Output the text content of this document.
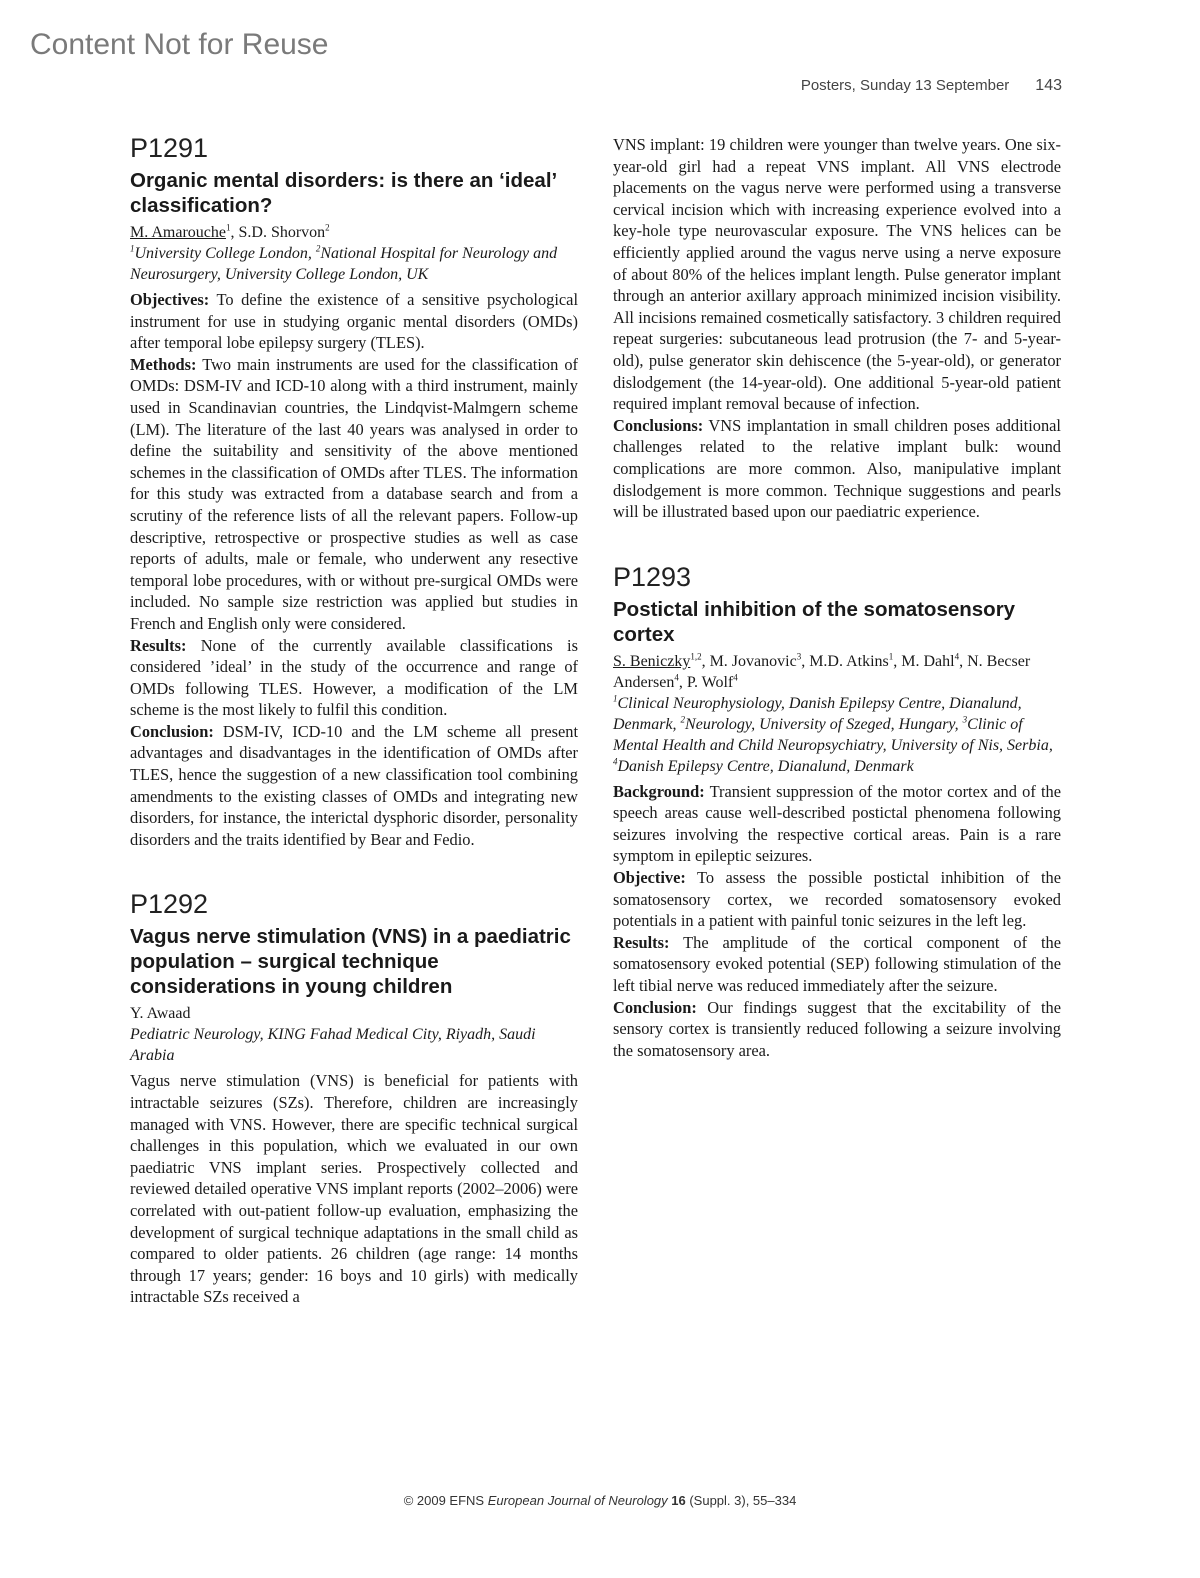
Content Not for Reuse
Posters, Sunday 13 September 143
P1291
Organic mental disorders: is there an ‘ideal’ classification?
M. Amarouche$^1$, S.D. Shorvon$^2$
$^1$University College London, $^2$National Hospital for Neurology and Neurosurgery, University College London, UK

Objectives: To define the existence of a sensitive psychological instrument for use in studying organic mental disorders (OMDs) after temporal lobe epilepsy surgery (TLES).

Methods: Two main instruments are used for the classification of OMDs: DSM-IV and ICD-10 along with a third instrument, mainly used in Scandinavian countries, the Lindqvist-Malmgern scheme (LM). The literature of the last 40 years was analysed in order to define the suitability and sensitivity of the above mentioned schemes in the classification of OMDs after TLES. The information for this study was extracted from a database search and from a scrutiny of the reference lists of all the relevant papers. Follow-up descriptive, retrospective or prospective studies as well as case reports of adults, male or female, who underwent any resective temporal lobe procedures, with or without pre-surgical OMDs were included. No sample size restriction was applied but studies in French and English only were considered.

Results: None of the currently available classifications is considered ’ideal’ in the study of the occurrence and range of OMDs following TLES. However, a modification of the LM scheme is the most likely to fulfil this condition.

Conclusion: DSM-IV, ICD-10 and the LM scheme all present advantages and disadvantages in the identification of OMDs after TLES, hence the suggestion of a new classification tool combining amendments to the existing classes of OMDs and integrating new disorders, for instance, the interictal dysphoric disorder, personality disorders and the traits identified by Bear and Fedio.

P1292
Vagus nerve stimulation (VNS) in a paediatric population – surgical technique considerations in young children
Y. Awaad
Pediatric Neurology, KING Fahad Medical City, Riyadh, Saudi Arabia

Vagus nerve stimulation (VNS) is beneficial for patients with intractable seizures (SZs). Therefore, children are increasingly managed with VNS. However, there are specific technical surgical challenges in this population, which we evaluated in our own paediatric VNS implant series. Prospectively collected and reviewed detailed operative VNS implant reports (2002–2006) were correlated with out-patient follow-up evaluation, emphasizing the development of surgical technique adaptations in the small child as compared to older patients. 26 children (age range: 14 months through 17 years; gender: 16 boys and 10 girls) with medically intractable SZs received a

VNS implant: 19 children were younger than twelve years. One six-year-old girl had a repeat VNS implant. All VNS electrode placements on the vagus nerve were performed using a transverse cervical incision which with increasing experience evolved into a key-hole type neurovascular exposure. The VNS helices can be efficiently applied around the vagus nerve using a nerve exposure of about 80% of the helices implant length. Pulse generator implant through an anterior axillary approach minimized incision visibility. All incisions remained cosmetically satisfactory. 3 children required repeat surgeries: subcutaneous lead protrusion (the 7- and 5-year-old), pulse generator skin dehiscence (the 5-year-old), or generator dislodgement (the 14-year-old). One additional 5-year-old patient required implant removal because of infection.

Conclusions: VNS implantation in small children poses additional challenges related to the relative implant bulk: wound complications are more common. Also, manipulative implant dislodgement is more common. Technique suggestions and pearls will be illustrated based upon our paediatric experience.

P1293
Postictal inhibition of the somatosensory cortex
S. Beniczky$^{1,2}$, M. Jovanovic$^3$, M.D. Atkins$^1$, M. Dahl$^4$, N. Becser Andersen$^4$, P. Wolf$^4$
$^1$Clinical Neurophysiology, Danish Epilepsy Centre, Dianalund, Denmark, $^2$Neurology, University of Szeged, Hungary, $^3$Clinic of Mental Health and Child Neuropsychiatry, University of Nis, Serbia, $^4$Danish Epilepsy Centre, Dianalund, Denmark

Background: Transient suppression of the motor cortex and of the speech areas cause well-described postictal phenomena following seizures involving the respective cortical areas. Pain is a rare symptom in epileptic seizures.

Objective: To assess the possible postictal inhibition of the somatosensory cortex, we recorded somatosensory evoked potentials in a patient with painful tonic seizures in the left leg.

Results: The amplitude of the cortical component of the somatosensory evoked potential (SEP) following stimulation of the left tibial nerve was reduced immediately after the seizure.

Conclusion: Our findings suggest that the excitability of the sensory cortex is transiently reduced following a seizure involving the somatosensory area.

© 2009 EFNS European Journal of Neurology 16 (Suppl. 3), 55–334
